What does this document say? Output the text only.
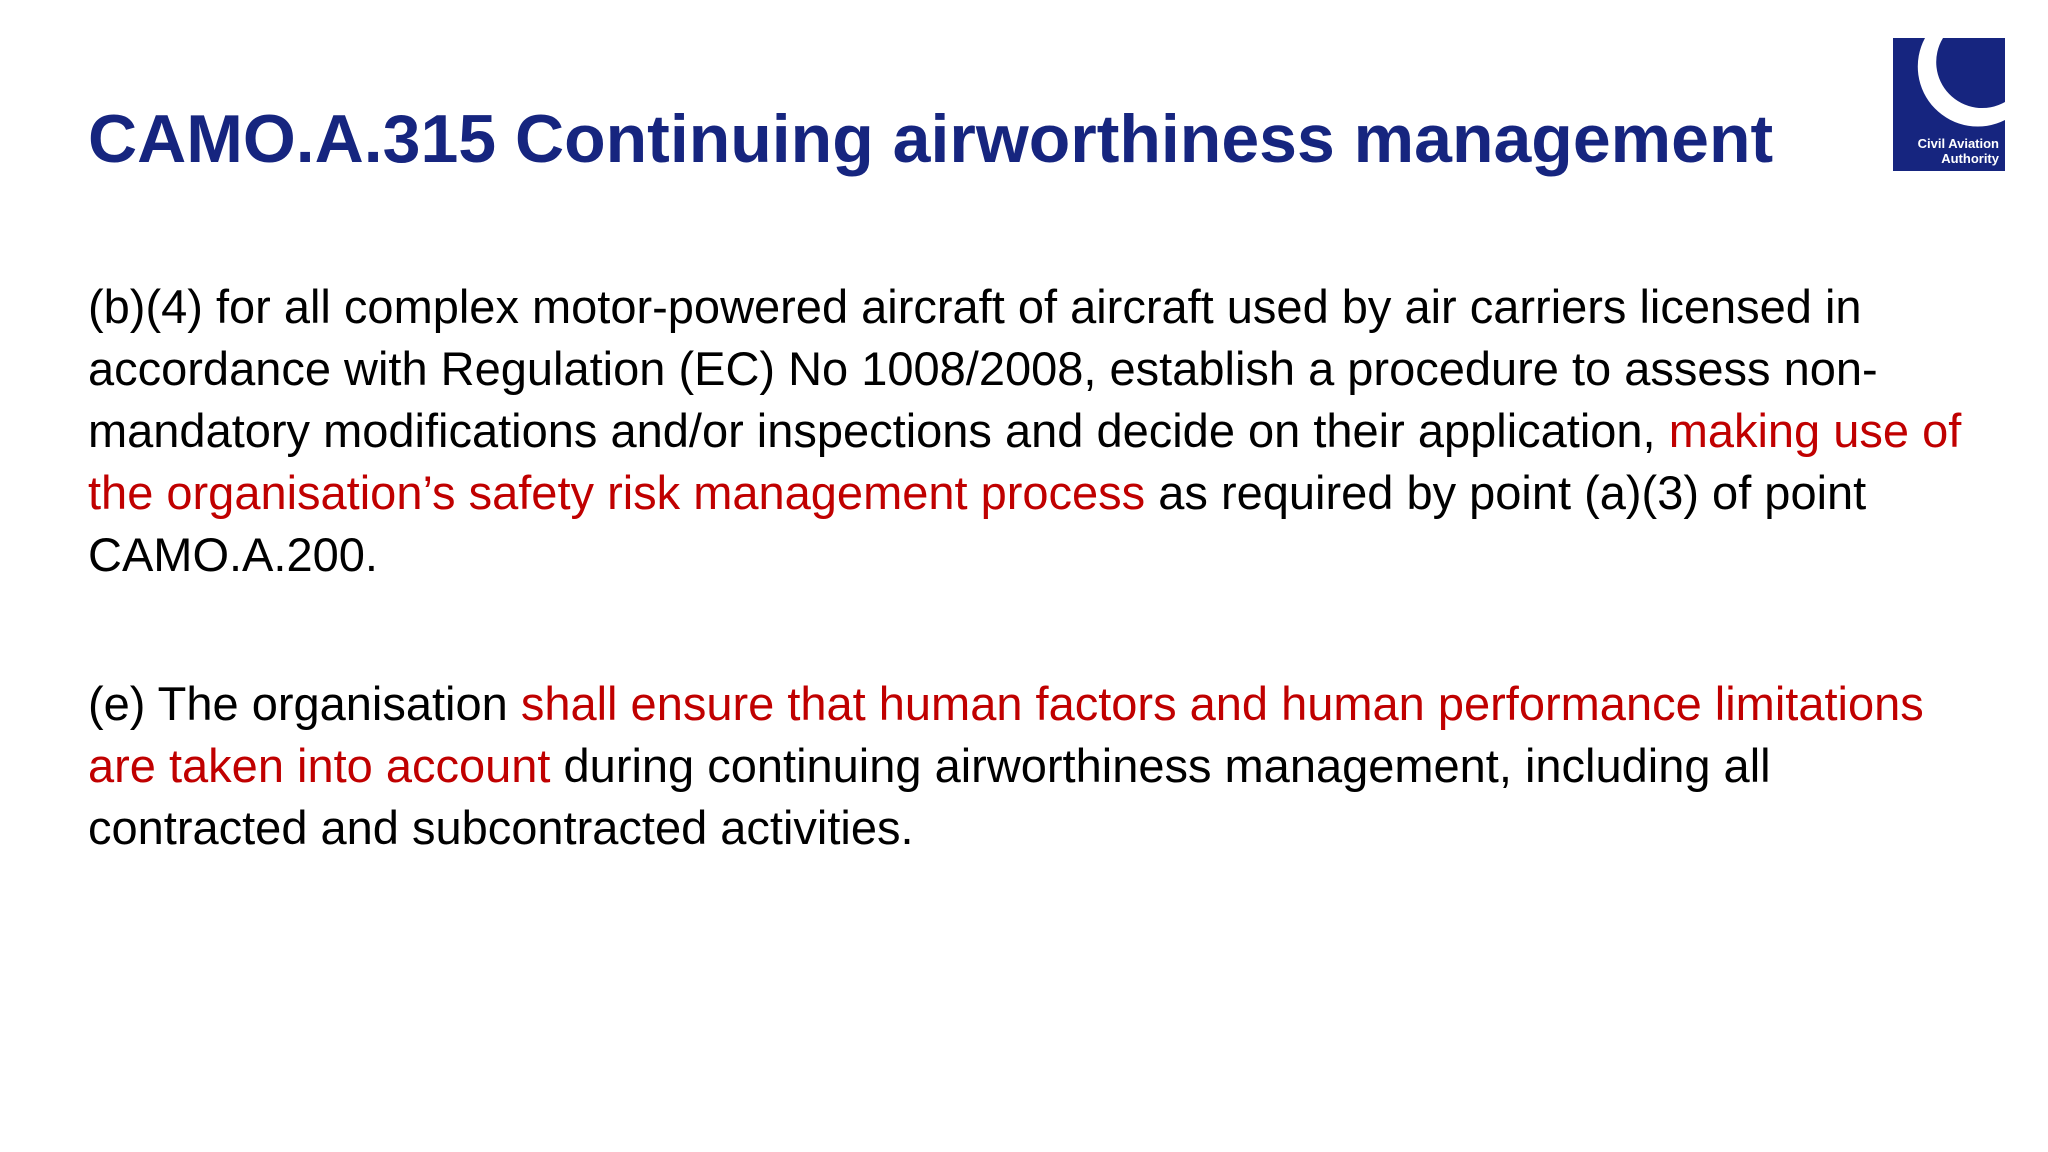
CAMO.A.315 Continuing airworthiness management	Civil Aviation
Authority

(b)(4) for all complex motor-powered aircraft of aircraft used by air carriers licensed in accordance with Regulation (EC) No 1008/2008, establish a procedure to assess non-mandatory modifications and/or inspections and decide on their application, making use of the organisation’s safety risk management process as required by point (a)(3) of point CAMO.A.200.

(e) The organisation shall ensure that human factors and human performance limitations are taken into account during continuing airworthiness management, including all contracted and subcontracted activities.
